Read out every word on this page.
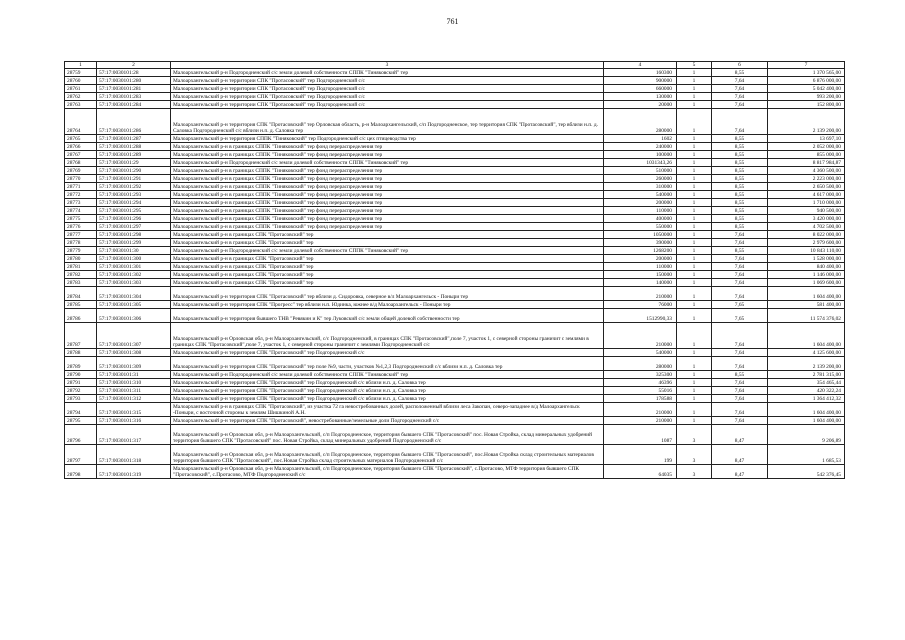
761
1	2	3	4	5	6	7
28759	57:17:0030101:28	Малоархангельский р-н Подгородненский с/с земли долевой собственности СППК "Тиняковский" тер	160300	1	8,55	1 370 565,00
28760	57:17:0030101:280	Малоархангельский р-н территории СПК "Протасовский" тер Подгородненский с/с	900000	1	7,64	6 876 000,00
28761	57:17:0030101:281	Малоархангельский р-н территории СПК "Протасовский" тер Подгородненский с/с	660000	1	7,64	5 042 400,00
28762	57:17:0030101:283	Малоархангельский р-н территории СПК "Протасовский" тер Подгородненский с/с	130000	1	7,64	993 200,00
28763	57:17:0030101:284	Малоархангельский р-н территории СПК "Протасовский" тер Подгородненский с/с	20000	1	7,64	152 800,00
28764	57:17:0030101:286	Малоархангельский р-н территория СПК "Протасовский" тер Орловская область, р-н Малоархангельский, с/п Подгородненское, тер территория СПК "Протасовский", тер вблизи н.п. д. Саловка Подгородненский с/с вблизи н.п. д. Саловка тер	280000	1	7,64	2 139 200,00
28765	57:17:0030101:287	Малоархангельский р-н территория СППК "Тиняковский" тер Подгородненский с/с цех птицеводства тер	1602	1	8,55	13 697,10
28766	57:17:0030101:288	Малоархангельский р-н в границах СППК "Тиняковский" тер фонд перераспределения тер	240000	1	8,55	2 052 000,00
28767	57:17:0030101:289	Малоархангельский р-н в границах СППК "Тиняковский" тер фонд перераспределения тер	100000	1	8,55	855 000,00
28768	57:17:0030101:29	Малоархангельский р-н Подгородненский с/с земли долевой собственности СППК "Тиняковский" тер	1031343,26	1	8,55	8 817 984,87
28769	57:17:0030101:290	Малоархангельский р-н в границах СППК "Тиняковский" тер фонд перераспределения тер	510000	1	8,55	4 360 500,00
28770	57:17:0030101:291	Малоархангельский р-н в границах СППК "Тиняковский" тер фонд перераспределения тер	260000	1	8,55	2 223 000,00
28771	57:17:0030101:292	Малоархангельский р-н в границах СППК "Тиняковский" тер фонд перераспределения тер	310000	1	8,55	2 650 500,00
28772	57:17:0030101:293	Малоархангельский р-н в границах СППК "Тиняковский" тер фонд перераспределения тер	540000	1	8,55	4 617 000,00
28773	57:17:0030101:294	Малоархангельский р-н в границах СППК "Тиняковский" тер фонд перераспределения тер	200000	1	8,55	1 710 000,00
28774	57:17:0030101:295	Малоархангельский р-н в границах СППК "Тиняковский" тер фонд перераспределения тер	110000	1	8,55	940 500,00
28775	57:17:0030101:296	Малоархангельский р-н в границах СППК "Тиняковский" тер фонд перераспределения тер	400000	1	8,55	3 420 000,00
28776	57:17:0030101:297	Малоархангельский р-н в границах СППК "Тиняковский" тер фонд перераспределения тер	550000	1	8,55	4 702 500,00
28777	57:17:0030101:298	Малоархангельский р-н в границах СПК "Протасовский" тер	1050000	1	7,64	8 022 000,00
28778	57:17:0030101:299	Малоархангельский р-н в границах СПК "Протасовский" тер	390000	1	7,64	2 979 600,00
28779	57:17:0030101:30	Малоархангельский р-н Подгородненский с/с земли долевой собственности СППК "Тиняковский" тер	1268200	1	8,55	10 843 110,00
28780	57:17:0030101:300	Малоархангельский р-н в границах СПК "Протасовский" тер	200000	1	7,64	1 528 000,00
28781	57:17:0030101:301	Малоархангельский р-н в границах СПК "Протасовский" тер	110000	1	7,64	840 400,00
28782	57:17:0030101:302	Малоархангельский р-н в границах СПК "Протасовский" тер	150000	1	7,64	1 146 000,00
28783	57:17:0030101:303	Малоархангельский р-н в границах СПК "Протасовский" тер	140000	1	7,64	1 069 600,00
28784	57:17:0030101:304	Малоархангельский р-н территория СПК "Протасовский" тер вблизи д. Сидоровка, северное в/л Малоархангельск - Поныри тер	210000	1	7,64	1 604 400,00
28785	57:17:0030101:305	Малоархангельский р-н территория СПК "Прогресс" тер вблизи н.п. Юдинка, южнее в/д Малоархангельск - Поныри тер	76000	1	7,65	581 400,00
28786	57:17:0030101:306	Малоархангельский р-н территория бывшего ТНВ "Ревякин и К" тер Луковский с/с земли общей долевой собственности тер	1512990,33	1	7,65	11 574 376,02
28787	57:17:0030101:307	Малоархангельский р-н Орловская обл, р-н Малоархангельский, с/с Подгородненский, в границах СПК "Протасовский",поле 7, участок 1, с северной стороны граничит с землями в границах СПК "Протасовский",поле 7, участок 1, с северной стороны граничит с землями Подгородненский с/с	210000	1	7,64	1 604 400,00
28788	57:17:0030101:308	Малоархангельский р-н территория СПК "Протасовский" тер Подгородненский с/с	540000	1	7,64	4 125 600,00
28789	57:17:0030101:309	Малоархангельский р-н территория СПК "Протасовский" тер поле №9, части, участков №1,2,3 Подгородненский с/с вблизи н.п. д. Саловка тер	280000	1	7,64	2 139 200,00
28790	57:17:0030101:31	Малоархангельский р-н Подгородненский с/с земли долевой собственности СППК "Тиняковский" тер	325300	1	8,55	2 781 315,00
28791	57:17:0030101:310	Малоархангельский р-н территория СПК "Протасовский" тер Подгородненский с/с вблизи н.п. д. Саловка тер	46396	1	7,64	354 465,44
28792	57:17:0030101:311	Малоархангельский р-н территория СПК "Протасовский" тер Подгородненский с/с вблизи н.п. д. Саловка тер	55016	1	7,64	420 322,24
28793	57:17:0030101:312	Малоархангельский р-н территория СПК "Протасовский" тер Подгородненский с/с вблизи н.п. д. Саловка тер	178588	1	7,64	1 364 412,32
28794	57:17:0030101:315	Малоархангельский р-н в границах СПК "Протасовский", из участка 72 га невостребованных долей, расположенный вблизи леса Закопан, северо-западнее в/д Малоархангельск -Поныри, с восточной стороны к землям Шишкиной А.Н.	210000	1	7,64	1 604 400,00
28795	57:17:0030101:316	Малоархангельский р-н территория СПК "Протасовский", невостребованные/земельные доли Подгородненский с/с	210000	1	7,64	1 604 400,00
28796	57:17:0030101:317	Малоархангельский р-н Орловская обл, р-н Малоархангельский, с/п Подгородненское, территория бывшего СПК "Протасовский" пос. Новая Стройка, склад минеральных удобрений территория бывшего СПК "Протасовский" пос. Новая Стройка, склад минеральных удобрений Подгородненский с/с	1087	3	8,47	9 206,89
28797	57:17:0030101:318	Малоархангельский р-н Орловская обл, р-н Малоархангельский, с/п Подгородненское, территория бывшего СПК "Протасовский", пос.Новая Стройка склад строительных материалов территория бывшего СПК "Протасовский", пос.Новая Стройка склад строительных материалов Подгородненский с/с	199	3	8,47	1 685,53
28798	57:17:0030101:319	Малоархангельский р-н Орловская обл, р-н Малоархангельский, с/п Подгородненское, территория бывшего СПК "Протасовский", с.Протасово, МТФ территория бывшего СПК "Протасовский", с.Протасово, МТФ Подгородненский с/с	64035	3	8,47	542 376,45
